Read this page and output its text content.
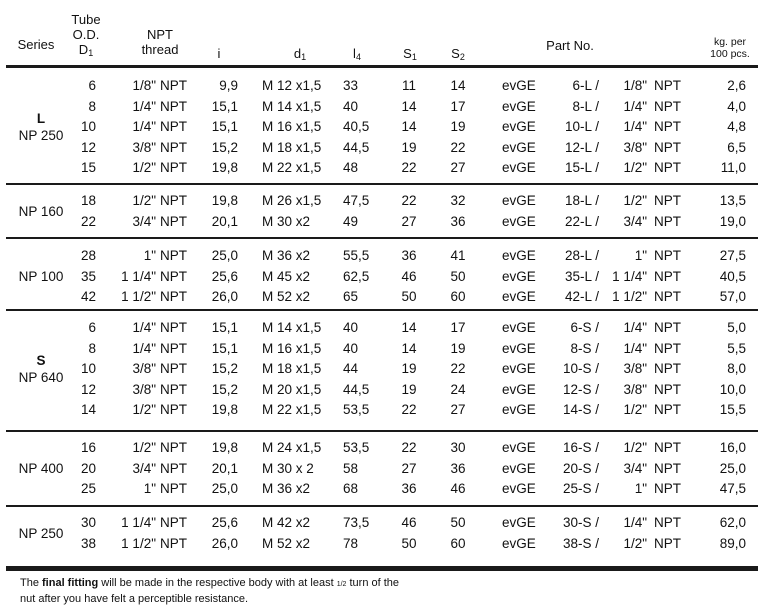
Series
Tube
O.D.
$D_1$
NPT
thread	i	$d_1$	$l_4$	$S_1$	$S_2$
Part No.	kg. per
100 pcs.
L
NP 250
6	1/8" NPT	9,9 M 12 x1,5	33	11	14	evGE	6-L /	1/8" NPT	2,6
8	1/4" NPT	15,1 M 14 x1,5	40	14	17	evGE	8-L /	1/4" NPT	4,0
10	1/4" NPT	15,1 M 16 x1,5	40,5	14	19	evGE	10-L /	1/4" NPT	4,8
12	3/8" NPT	15,2 M 18 x1,5	44,5	19	22	evGE	12-L /	3/8" NPT	6,5
15	1/2" NPT	19,8 M 22 x1,5	48	22	27	evGE	15-L /	1/2" NPT	11,0
NP 160
18	1/2" NPT	19,8 M 26 x1,5	47,5	22	32	evGE	18-L /	1/2" NPT	13,5
22	3/4" NPT	20,1 M 30 x2	49	27	36	evGE	22-L /	3/4" NPT	19,0
NP 100
28	1" NPT	25,0 M 36 x2	55,5	36	41	evGE	28-L /	1" NPT	27,5
35	1 1/4" NPT	25,6 M 45 x2	62,5	46	50	evGE	35-L / 1 1/4" NPT	40,5
42	1 1/2" NPT	26,0 M 52 x2	65	50	60	evGE	42-L / 1 1/2" NPT	57,0
S
NP 640
6	1/4" NPT	15,1 M 14 x1,5	40	14	17	evGE	6-S /	1/4" NPT	5,0
8	1/4" NPT	15,1 M 16 x1,5	40	14	19	evGE	8-S /	1/4" NPT	5,5
10	3/8" NPT	15,2 M 18 x1,5	44	19	22	evGE	10-S /	3/8" NPT	8,0
12	3/8" NPT	15,2 M 20 x1,5	44,5	19	24	evGE	12-S /	3/8" NPT	10,0
14	1/2" NPT	19,8 M 22 x1,5	53,5	22	27	evGE	14-S /	1/2" NPT	15,5
NP 400
16	1/2" NPT	19,8 M 24 x1,5	53,5	22	30	evGE	16-S /	1/2" NPT	16,0
20	3/4" NPT	20,1 M 30 x 2	58	27	36	evGE	20-S /	3/4" NPT	25,0
25	1" NPT	25,0 M 36 x2	68	36	46	evGE	25-S /	1" NPT	47,5
NP 250
30	1 1/4" NPT	25,6 M 42 x2	73,5	46	50	evGE	30-S /	1/4" NPT	62,0
38	1 1/2" NPT	26,0 M 52 x2	78	50	60	evGE	38-S /	1/2" NPT	89,0
The final fitting will be made in the respective body with at least 1/2 turn of the
nut after you have felt a perceptible resistance.
